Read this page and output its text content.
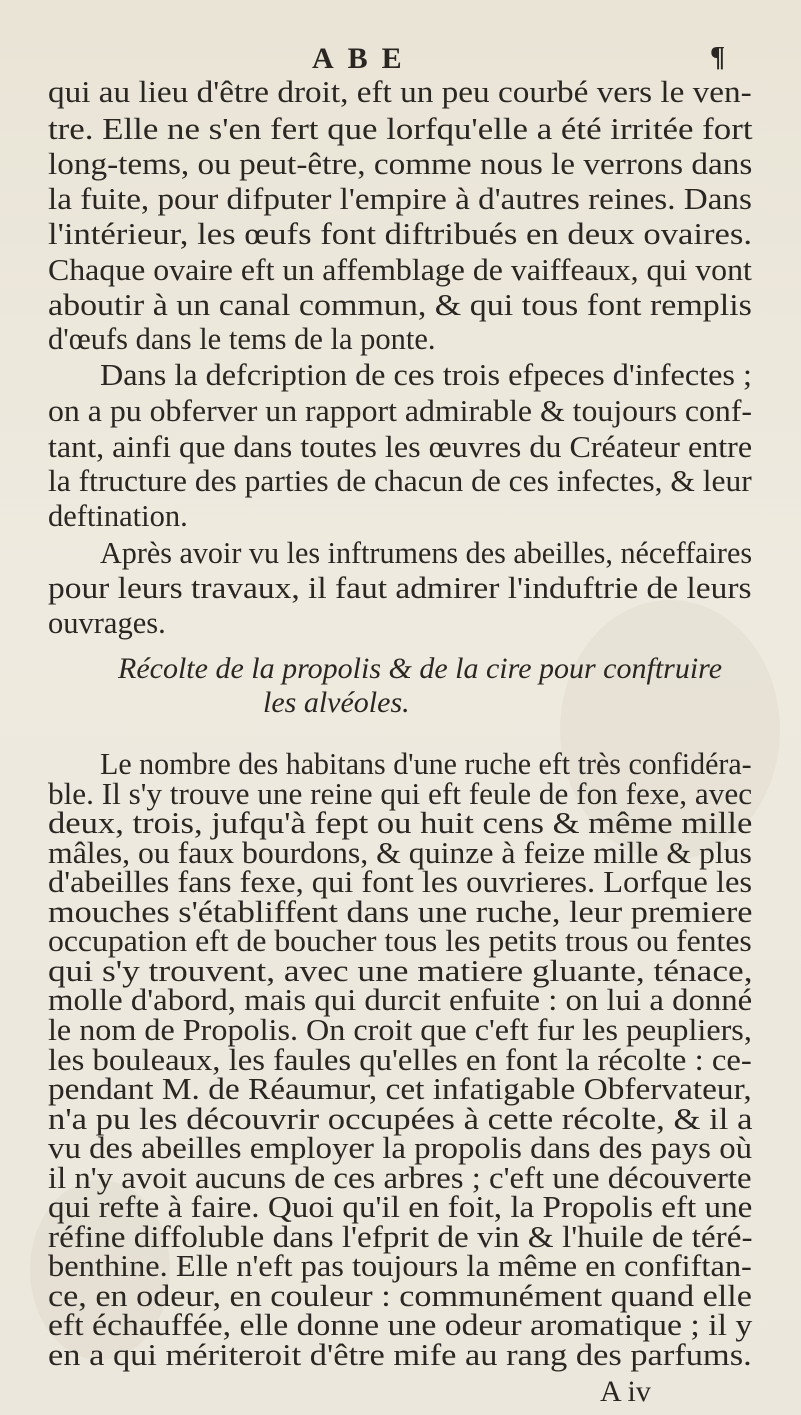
ABE	¶
qui au lieu d'être droit, eft un peu courbé vers le ven-
tre. Elle ne s'en fert que lorfqu'elle a été irritée fort
long-tems, ou peut-être, comme nous le verrons dans
la fuite, pour difputer l'empire à d'autres reines. Dans
l'intérieur, les œufs font diftribués en deux ovaires.
Chaque ovaire eft un affemblage de vaiffeaux, qui vont
aboutir à un canal commun, & qui tous font remplis
d'œufs dans le tems de la ponte.
Dans la defcription de ces trois efpeces d'infectes ;
on a pu obferver un rapport admirable & toujours conf-
tant, ainfi que dans toutes les œuvres du Créateur entre
la ftructure des parties de chacun de ces infectes, & leur
deftination.
Après avoir vu les inftrumens des abeilles, néceffaires
pour leurs travaux, il faut admirer l'induftrie de leurs
ouvrages.
Récolte de la propolis & de la cire pour conftruire
les alvéoles.
Le nombre des habitans d'une ruche eft très confidéra-
ble. Il s'y trouve une reine qui eft feule de fon fexe, avec
deux, trois, jufqu'à fept ou huit cens & même mille
mâles, ou faux bourdons, & quinze à feize mille & plus
d'abeilles fans fexe, qui font les ouvrieres. Lorfque les
mouches s'établiffent dans une ruche, leur premiere
occupation eft de boucher tous les petits trous ou fentes
qui s'y trouvent, avec une matiere gluante, ténace,
molle d'abord, mais qui durcit enfuite : on lui a donné
le nom de Propolis. On croit que c'eft fur les peupliers,
les bouleaux, les faules qu'elles en font la récolte : ce-
pendant M. de Réaumur, cet infatigable Obfervateur,
n'a pu les découvrir occupées à cette récolte, & il a
vu des abeilles employer la propolis dans des pays où
il n'y avoit aucuns de ces arbres ; c'eft une découverte
qui refte à faire. Quoi qu'il en foit, la Propolis eft une
réfine diffoluble dans l'efprit de vin & l'huile de téré-
benthine. Elle n'eft pas toujours la même en confiftan-
ce, en odeur, en couleur : communément quand elle
eft échauffée, elle donne une odeur aromatique ; il y
en a qui mériteroit d'être mife au rang des parfums.
A iv
